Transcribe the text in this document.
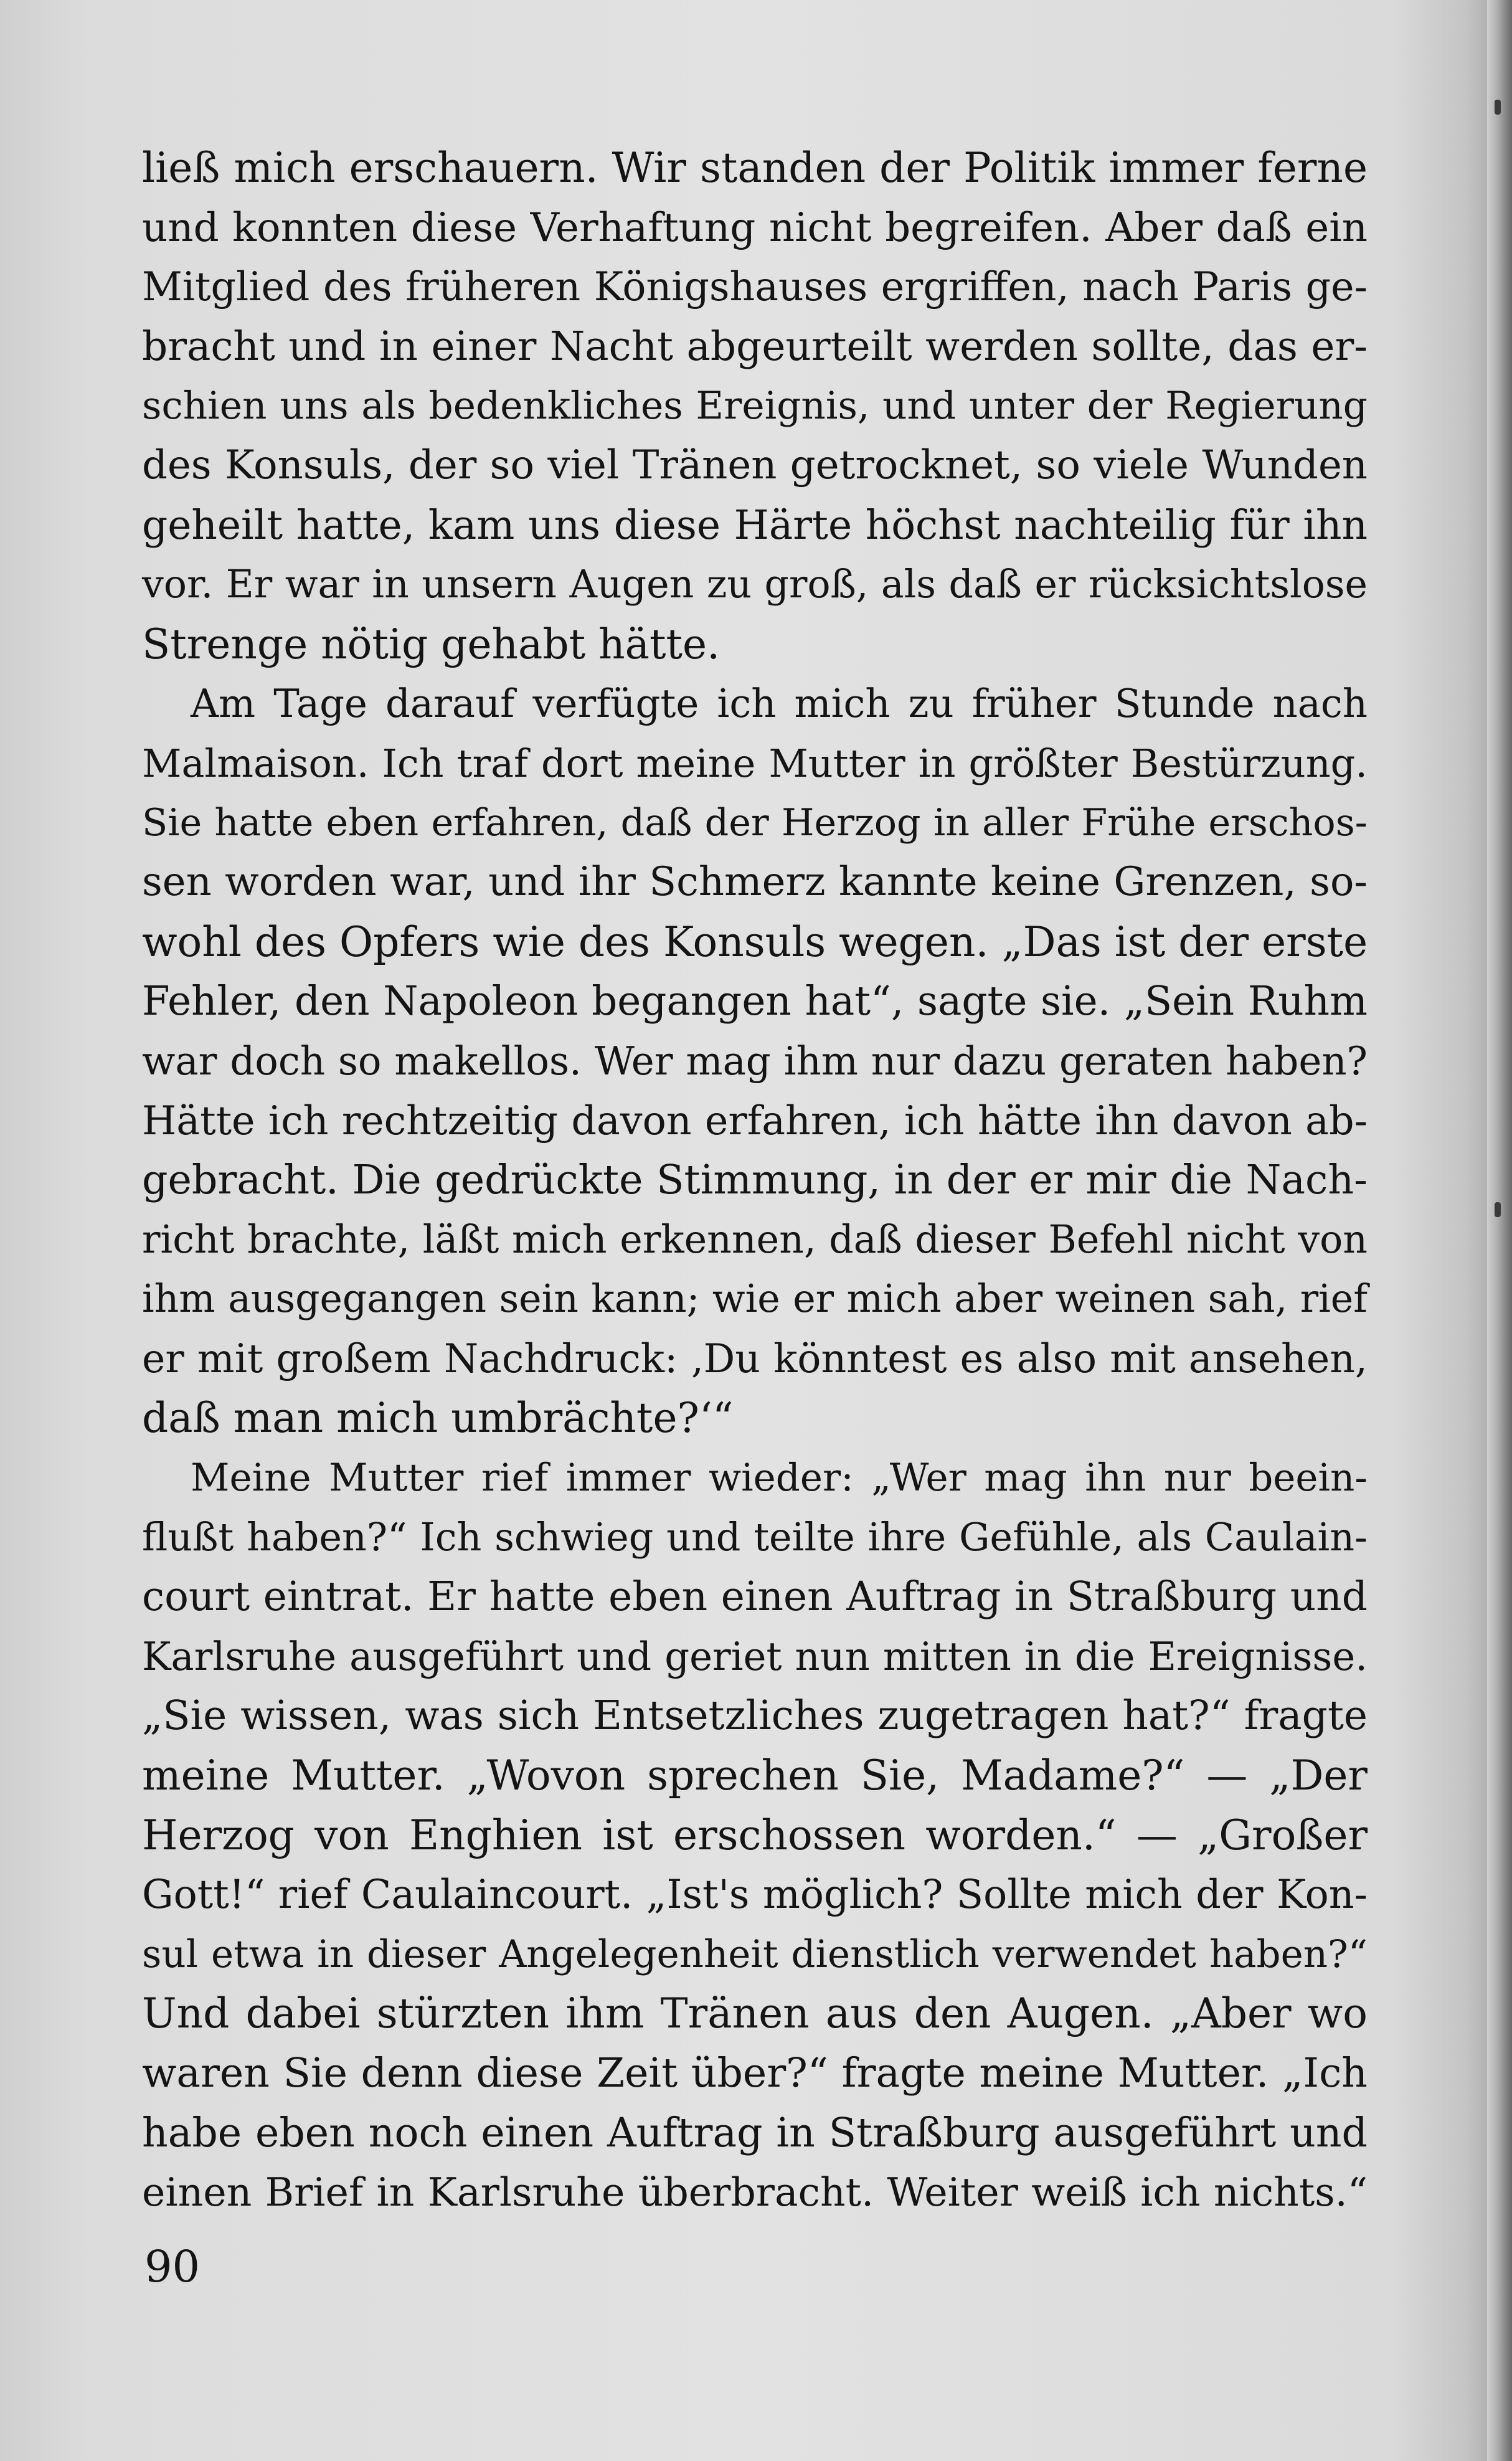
ließ mich erschauern. Wir standen der Politik immer ferne
und konnten diese Verhaftung nicht begreifen. Aber daß ein
Mitglied des früheren Königshauses ergriffen, nach Paris ge-
bracht und in einer Nacht abgeurteilt werden sollte, das er-
schien uns als bedenkliches Ereignis, und unter der Regierung
des Konsuls, der so viel Tränen getrocknet, so viele Wunden
geheilt hatte, kam uns diese Härte höchst nachteilig für ihn
vor. Er war in unsern Augen zu groß, als daß er rücksichtslose
Strenge nötig gehabt hätte.
Am Tage darauf verfügte ich mich zu früher Stunde nach
Malmaison. Ich traf dort meine Mutter in größter Bestürzung.
Sie hatte eben erfahren, daß der Herzog in aller Frühe erschos-
sen worden war, und ihr Schmerz kannte keine Grenzen, so-
wohl des Opfers wie des Konsuls wegen. „Das ist der erste
Fehler, den Napoleon begangen hat“, sagte sie. „Sein Ruhm
war doch so makellos. Wer mag ihm nur dazu geraten haben?
Hätte ich rechtzeitig davon erfahren, ich hätte ihn davon ab-
gebracht. Die gedrückte Stimmung, in der er mir die Nach-
richt brachte, läßt mich erkennen, daß dieser Befehl nicht von
ihm ausgegangen sein kann; wie er mich aber weinen sah, rief
er mit großem Nachdruck: ‚Du könntest es also mit ansehen,
daß man mich umbrächte?‘“
Meine Mutter rief immer wieder: „Wer mag ihn nur beein-
flußt haben?“ Ich schwieg und teilte ihre Gefühle, als Caulain-
court eintrat. Er hatte eben einen Auftrag in Straßburg und
Karlsruhe ausgeführt und geriet nun mitten in die Ereignisse.
„Sie wissen, was sich Entsetzliches zugetragen hat?“ fragte
meine Mutter. „Wovon sprechen Sie, Madame?“ — „Der
Herzog von Enghien ist erschossen worden.“ — „Großer
Gott!“ rief Caulaincourt. „Ist's möglich? Sollte mich der Kon-
sul etwa in dieser Angelegenheit dienstlich verwendet haben?“
Und dabei stürzten ihm Tränen aus den Augen. „Aber wo
waren Sie denn diese Zeit über?“ fragte meine Mutter. „Ich
habe eben noch einen Auftrag in Straßburg ausgeführt und
einen Brief in Karlsruhe überbracht. Weiter weiß ich nichts.“
90
